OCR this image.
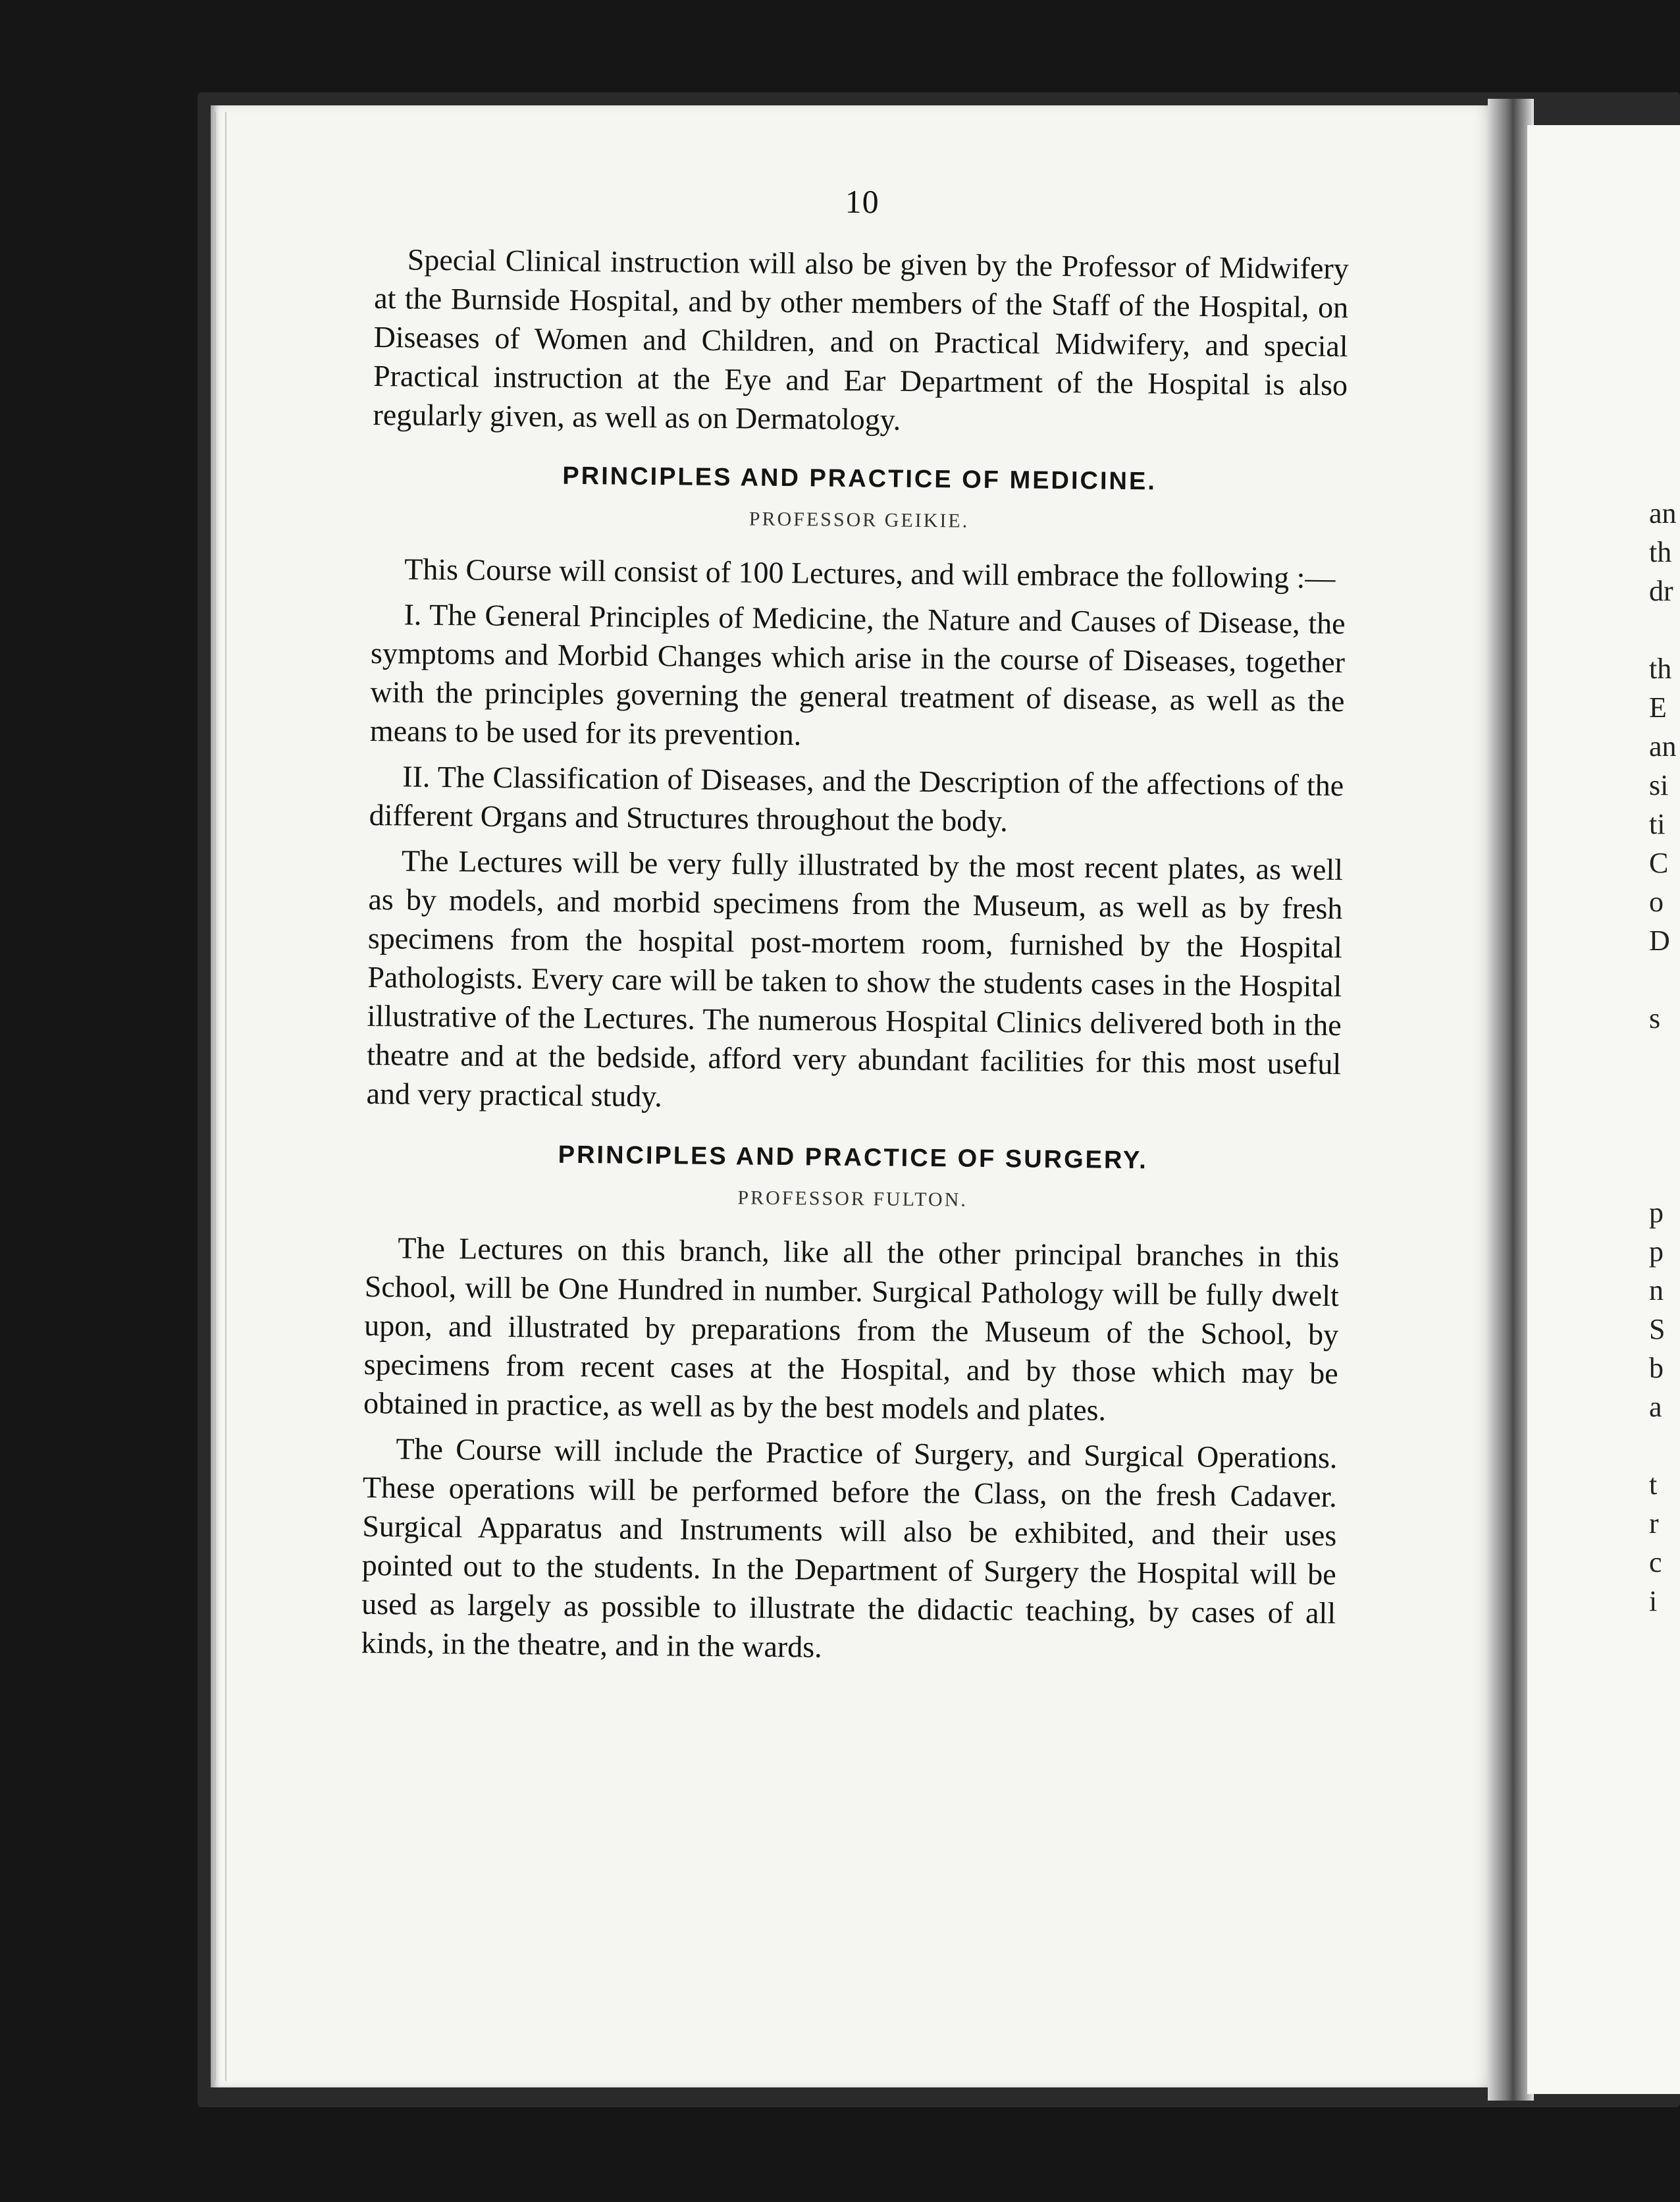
10

Special Clinical instruction will also be given by the Professor of Midwifery at the Burnside Hospital, and by other members of the Staff of the Hospital, on Diseases of Women and Children, and on Practical Midwifery, and special Practical instruction at the Eye and Ear Department of the Hospital is also regularly given, as well as on Dermatology.

PRINCIPLES AND PRACTICE OF MEDICINE.
PROFESSOR GEIKIE.

This Course will consist of 100 Lectures, and will embrace the following :—

I. The General Principles of Medicine, the Nature and Causes of Disease, the symptoms and Morbid Changes which arise in the course of Diseases, together with the principles governing the general treatment of disease, as well as the means to be used for its prevention.

II. The Classification of Diseases, and the Description of the affections of the different Organs and Structures throughout the body.

The Lectures will be very fully illustrated by the most recent plates, as well as by models, and morbid specimens from the Museum, as well as by fresh specimens from the hospital post-mortem room, furnished by the Hospital Pathologists. Every care will be taken to show the students cases in the Hospital illustrative of the Lectures. The numerous Hospital Clinics delivered both in the theatre and at the bedside, afford very abundant facilities for this most useful and very practical study.

PRINCIPLES AND PRACTICE OF SURGERY.
PROFESSOR FULTON.

The Lectures on this branch, like all the other principal branches in this School, will be One Hundred in number. Surgical Pathology will be fully dwelt upon, and illustrated by preparations from the Museum of the School, by specimens from recent cases at the Hospital, and by those which may be obtained in practice, as well as by the best models and plates.

The Course will include the Practice of Surgery, and Surgical Operations. These operations will be performed before the Class, on the fresh Cadaver. Surgical Apparatus and Instruments will also be exhibited, and their uses pointed out to the students. In the Department of Surgery the Hospital will be used as largely as possible to illustrate the didactic teaching, by cases of all kinds, in the theatre, and in the wards.

an
th
dr
th
E
an
si
ti
C
o
D
s
p
p
n
S
b
a
t
r
c
i
